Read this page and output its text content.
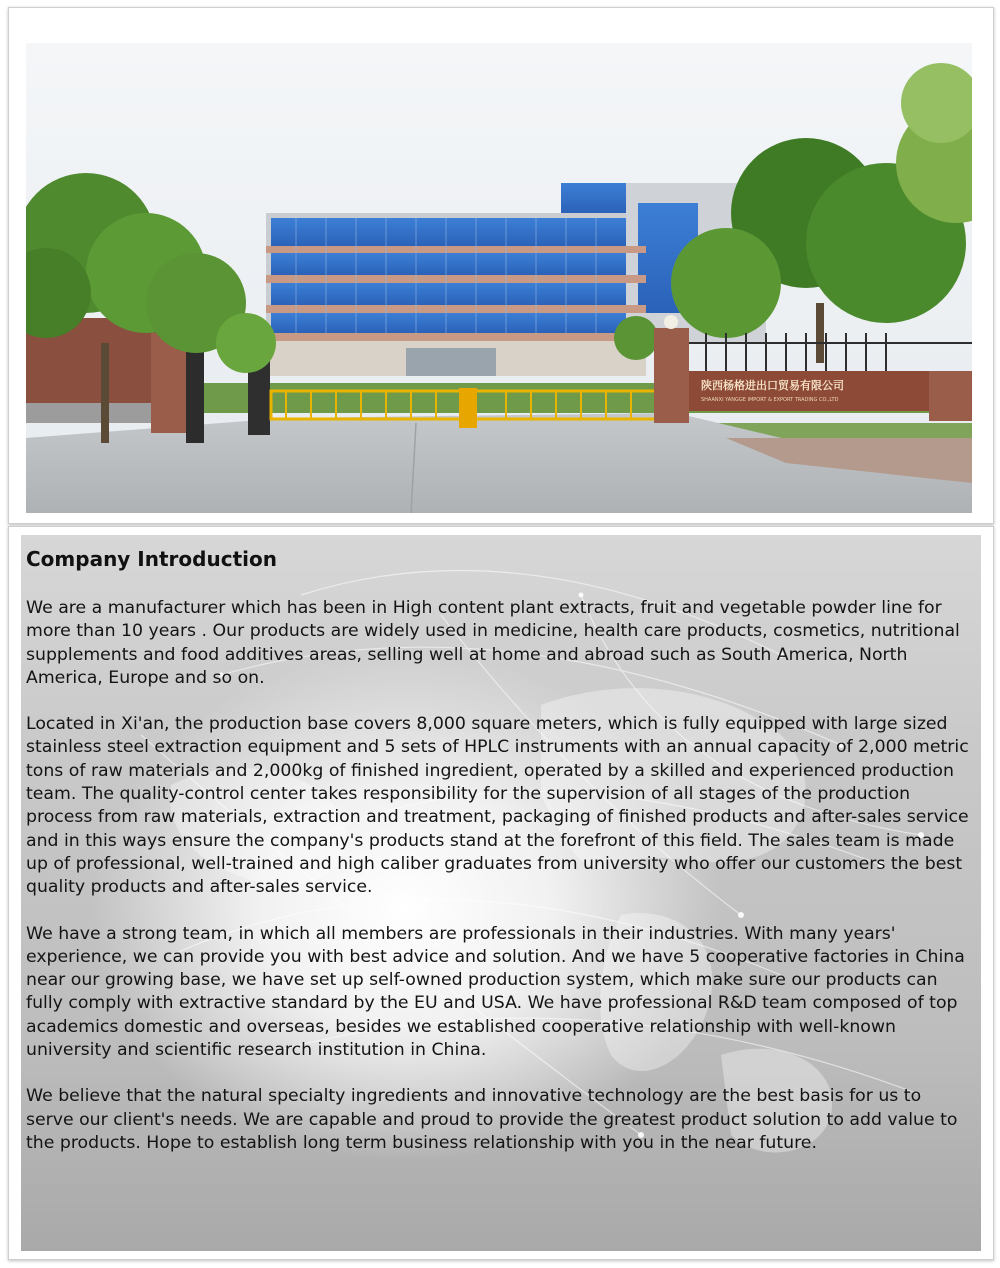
陕西杨格进出口贸易有限公司
SHAANXI YANGGE IMPORT & EXPORT TRADING CO.,LTD
Company Introduction

We are a manufacturer which has been in High content plant extracts, fruit and vegetable powder line for more than 10 years . Our products are widely used in medicine, health care products, cosmetics, nutritional supplements and food additives areas, selling well at home and abroad such as South America, North America, Europe and so on.

Located in Xi'an, the production base covers 8,000 square meters, which is fully equipped with large sized stainless steel extraction equipment and 5 sets of HPLC instruments with an annual capacity of 2,000 metric tons of raw materials and 2,000kg of finished ingredient, operated by a skilled and experienced production team. The quality-control center takes responsibility for the supervision of all stages of the production process from raw materials, extraction and treatment, packaging of finished products and after-sales service and in this ways ensure the company's products stand at the forefront of this field. The sales team is made up of professional, well-trained and high caliber graduates from university who offer our customers the best quality products and after-sales service.

We have a strong team, in which all members are professionals in their industries. With many years' experience, we can provide you with best advice and solution. And we have 5 cooperative factories in China near our growing base, we have set up self-owned production system, which make sure our products can fully comply with extractive standard by the EU and USA. We have professional R&D team composed of top academics domestic and overseas, besides we established cooperative relationship with well-known university and scientific research institution in China.

We believe that the natural specialty ingredients and innovative technology are the best basis for us to serve our client's needs. We are capable and proud to provide the greatest product solution to add value to the products. Hope to establish long term business relationship with you in the near future.
